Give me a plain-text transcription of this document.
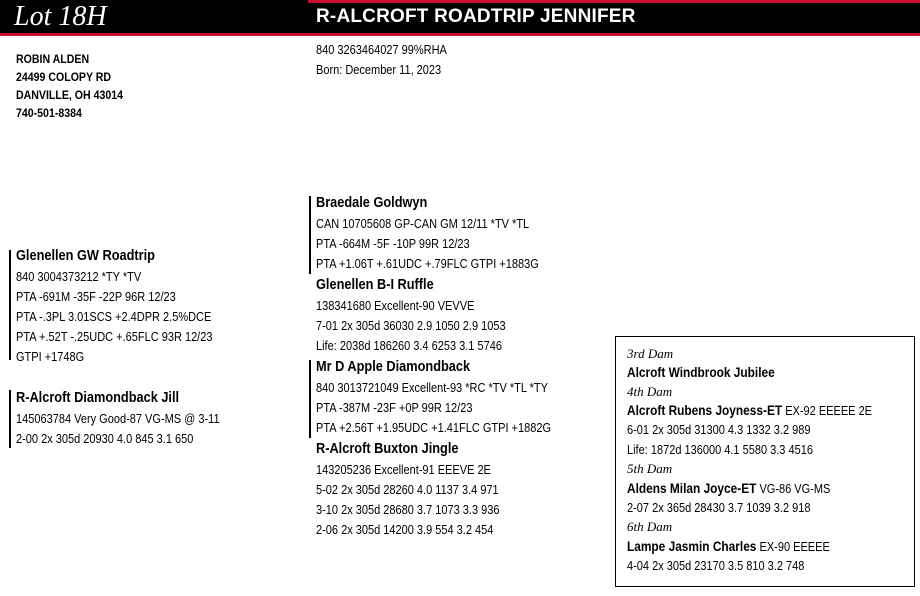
Lot 18H	R-ALCROFT ROADTRIP JENNIFER
ROBIN ALDEN
24499 COLOPY RD
DANVILLE, OH 43014
740-501-8384
840 3263464027 99%RHA
Born: December 11, 2023
Glenellen GW Roadtrip
840 3004373212 *TY *TV
PTA -691M -35F -22P 96R 12/23
PTA -.3PL 3.01SCS +2.4DPR 2.5%DCE
PTA +.52T -.25UDC +.65FLC 93R 12/23
GTPI +1748G
R-Alcroft Diamondback Jill
145063784 Very Good-87 VG-MS @ 3-11
2-00 2x 305d 20930 4.0 845 3.1 650
Braedale Goldwyn
CAN 10705608 GP-CAN GM 12/11 *TV *TL
PTA -664M -5F -10P 99R 12/23
PTA +1.06T +.61UDC +.79FLC GTPI +1883G
Glenellen B-I Ruffle
138341680 Excellent-90 VEVVE
7-01 2x 305d 36030 2.9 1050 2.9 1053
Life: 2038d 186260 3.4 6253 3.1 5746
Mr D Apple Diamondback
840 3013721049 Excellent-93 *RC *TV *TL *TY
PTA -387M -23F +0P 99R 12/23
PTA +2.56T +1.95UDC +1.41FLC GTPI +1882G
R-Alcroft Buxton Jingle
143205236 Excellent-91 EEEVE 2E
5-02 2x 305d 28260 4.0 1137 3.4 971
3-10 2x 305d 28680 3.7 1073 3.3 936
2-06 2x 305d 14200 3.9 554 3.2 454
3rd Dam
Alcroft Windbrook Jubilee
4th Dam
Alcroft Rubens Joyness-ET EX-92 EEEEE 2E
6-01 2x 305d 31300 4.3 1332 3.2 989
Life: 1872d 136000 4.1 5580 3.3 4516
5th Dam
Aldens Milan Joyce-ET VG-86 VG-MS
2-07 2x 365d 28430 3.7 1039 3.2 918
6th Dam
Lampe Jasmin Charles EX-90 EEEEE
4-04 2x 305d 23170 3.5 810 3.2 748
